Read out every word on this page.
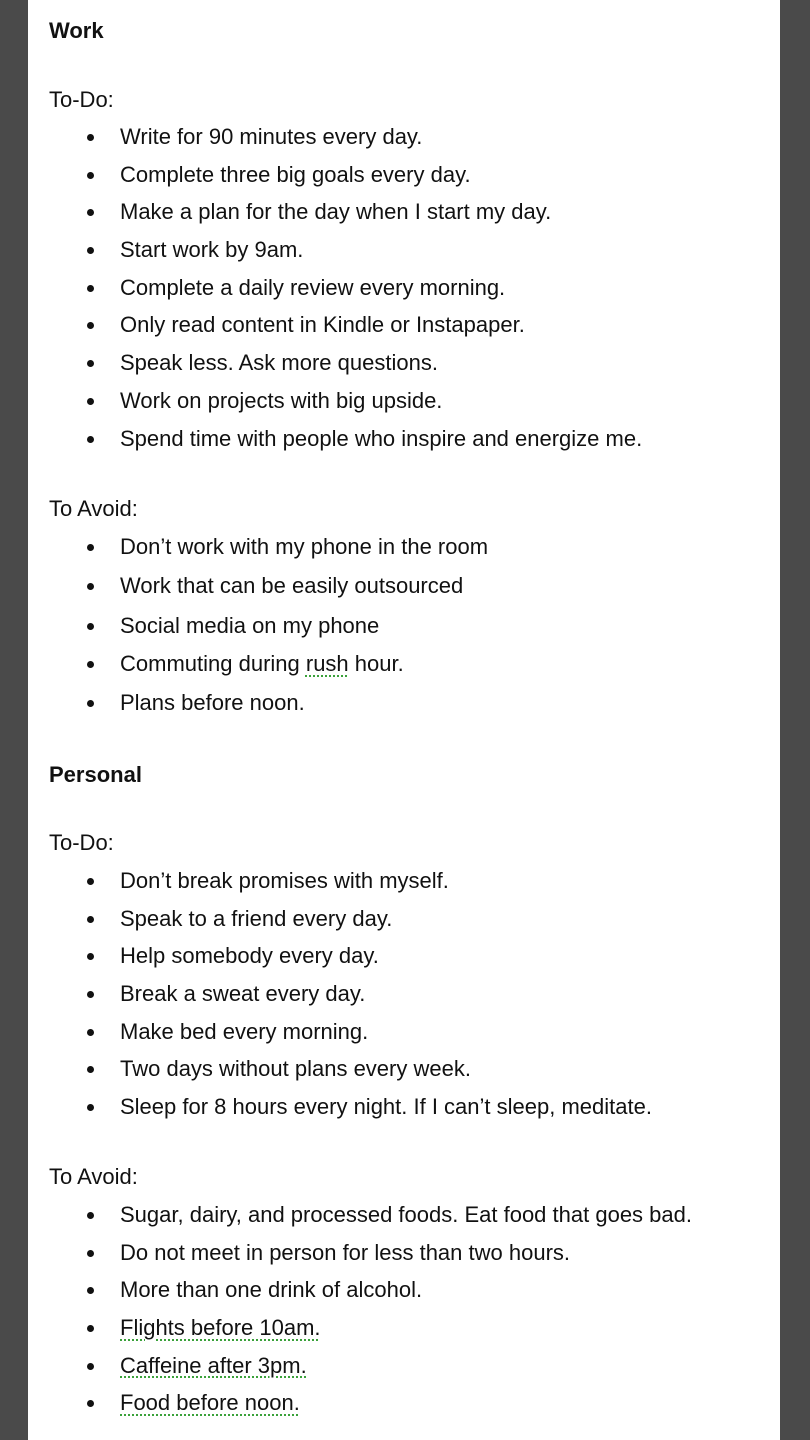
Work
To-Do:
Write for 90 minutes every day.
Complete three big goals every day.
Make a plan for the day when I start my day.
Start work by 9am.
Complete a daily review every morning.
Only read content in Kindle or Instapaper.
Speak less. Ask more questions.
Work on projects with big upside.
Spend time with people who inspire and energize me.
To Avoid:
Don’t work with my phone in the room
Work that can be easily outsourced
Social media on my phone
Commuting during rush hour.
Plans before noon.
Personal
To-Do:
Don’t break promises with myself.
Speak to a friend every day.
Help somebody every day.
Break a sweat every day.
Make bed every morning.
Two days without plans every week.
Sleep for 8 hours every night. If I can’t sleep, meditate.
To Avoid:
Sugar, dairy, and processed foods. Eat food that goes bad.
Do not meet in person for less than two hours.
More than one drink of alcohol.
Flights before 10am.
Caffeine after 3pm.
Food before noon.
